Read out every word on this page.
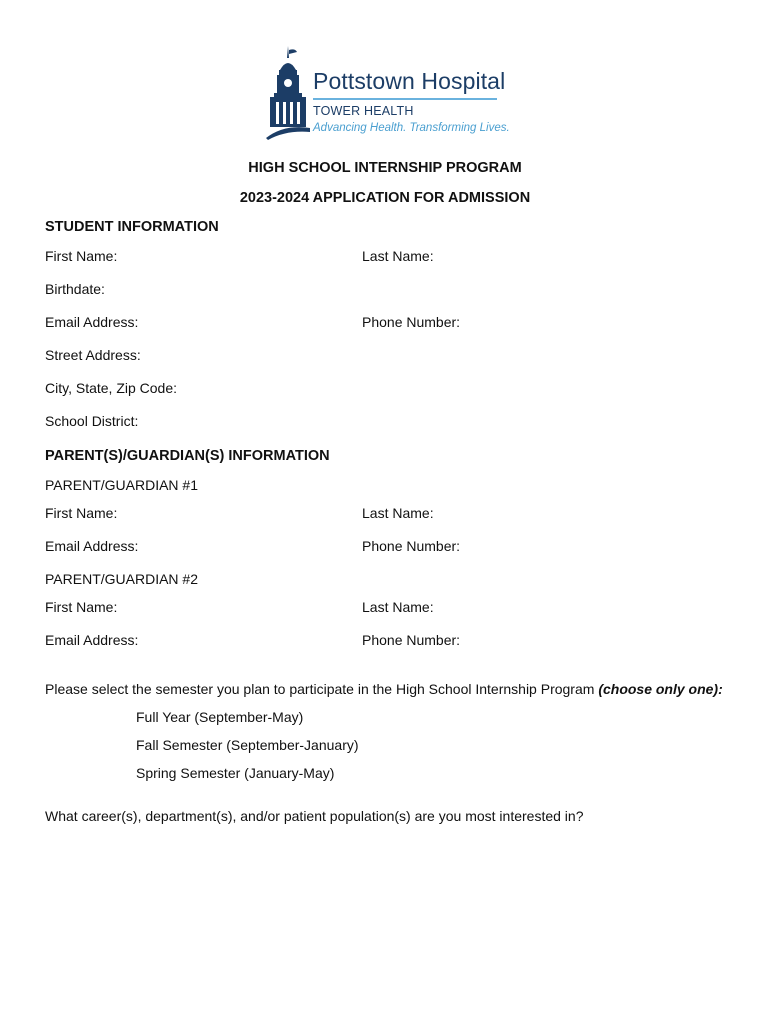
Pottstown Hospital
TOWER HEALTH
Advancing Health. Transforming Lives.
HIGH SCHOOL INTERNSHIP PROGRAM
2023-2024 APPLICATION FOR ADMISSION
STUDENT INFORMATION
First Name:	Last Name:
Birthdate:
Email Address:	Phone Number:
Street Address:
City, State, Zip Code:
School District:
PARENT(S)/GUARDIAN(S) INFORMATION
PARENT/GUARDIAN #1
First Name:	Last Name:
Email Address:	Phone Number:
PARENT/GUARDIAN #2
First Name:	Last Name:
Email Address:	Phone Number:
Please select the semester you plan to participate in the High School Internship Program (choose only one):
Full Year (September-May)
Fall Semester (September-January)
Spring Semester (January-May)
What career(s), department(s), and/or patient population(s) are you most interested in?
